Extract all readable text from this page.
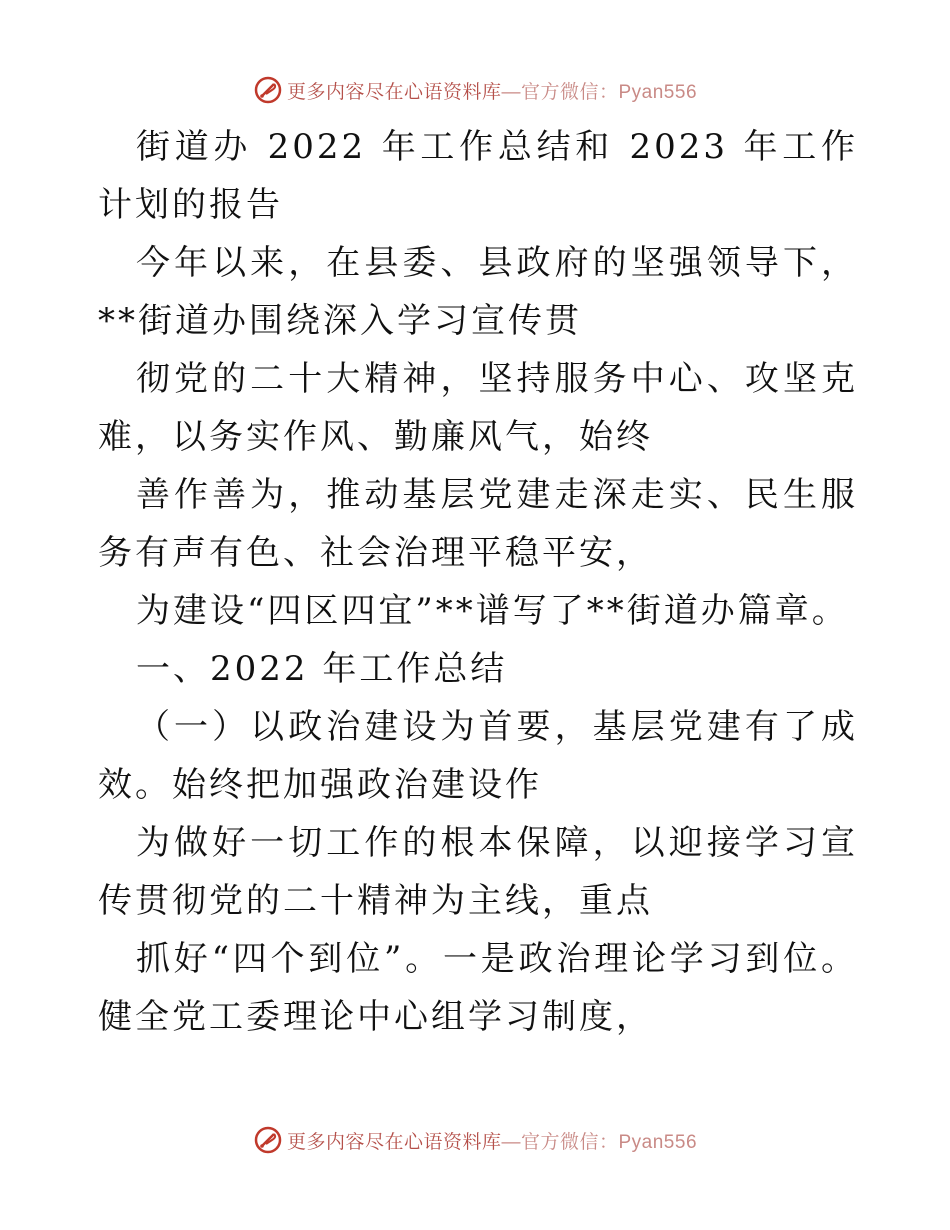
更多内容尽在心语资料库 —官方微信：Pyan556

街道办 2022 年工作总结和 2023 年工作计划的报告

今年以来，在县委、县政府的坚强领导下，**街道办围绕深入学习宣传贯

彻党的二十大精神，坚持服务中心、攻坚克难，以务实作风、勤廉风气，始终

善作善为，推动基层党建走深走实、民生服务有声有色、社会治理平稳平安，

为建设“四区四宜”**谱写了**街道办篇章。

一、2022 年工作总结

（一）以政治建设为首要，基层党建有了成效。始终把加强政治建设作

为做好一切工作的根本保障，以迎接学习宣传贯彻党的二十精神为主线，重点

抓好“四个到位”。一是政治理论学习到位。健全党工委理论中心组学习制度，

更多内容尽在心语资料库 —官方微信：Pyan556
